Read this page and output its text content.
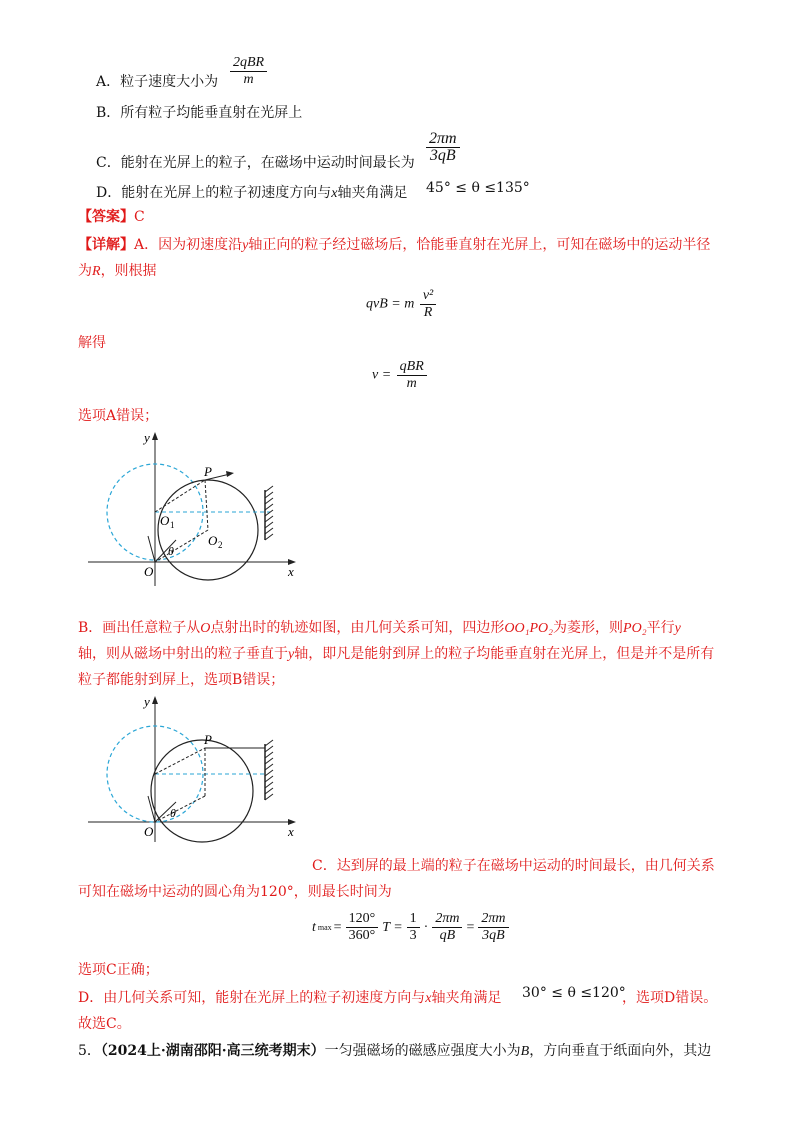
A．粒子速度大小为
2qBR
m
B．所有粒子均能垂直射在光屏上
C．能射在光屏上的粒子，在磁场中运动时间最长为 $\frac{2\pi m}{3qB}$
D．能射在光屏上的粒子初速度方向与x轴夹角满足 45° ≤ θ ≤135°
【答案】C
【详解】A．因为初速度沿y轴正向的粒子经过磁场后，恰能垂直射在光屏上，可知在磁场中的运动半径
为R，则根据
qvB = m $\frac{\text{v²}}{R}$
解得
$v = \frac{\text{qBR}}{m}$
选项A错误；
y
x
O
P
O 1
O 2
θ
B．画出任意粒子从O点射出时的轨迹如图，由几何关系可知，四边形OO₁PO₂为菱形，则PO₂平行y
轴，则从磁场中射出的粒子垂直于y轴，即凡是能射到屏上的粒子均能垂直射在光屏上，但是并不是所有
粒子都能射到屏上，选项B错误；
y
x
O
P
θ
C．达到屏的最上端的粒子在磁场中运动的时间最长，由几何关系
可知在磁场中运动的圆心角为120°，则最长时间为
t $\max = \frac{120^\circ}{360^\circ}$ $T = \frac{1}{3} \cdot \frac{2\pi m}{qB} = \frac{2\pi m}{3qB}$
选项C正确；
D．由几何关系可知，能射在光屏上的粒子初速度方向与x轴夹角满足 30° ≤ θ ≤120°
，选项D错误。
故选C。
5．（2024上·湖南邵阳·高三统考期末）一匀强磁场的磁感应强度大小为B，方向垂直于纸面向外，其边
